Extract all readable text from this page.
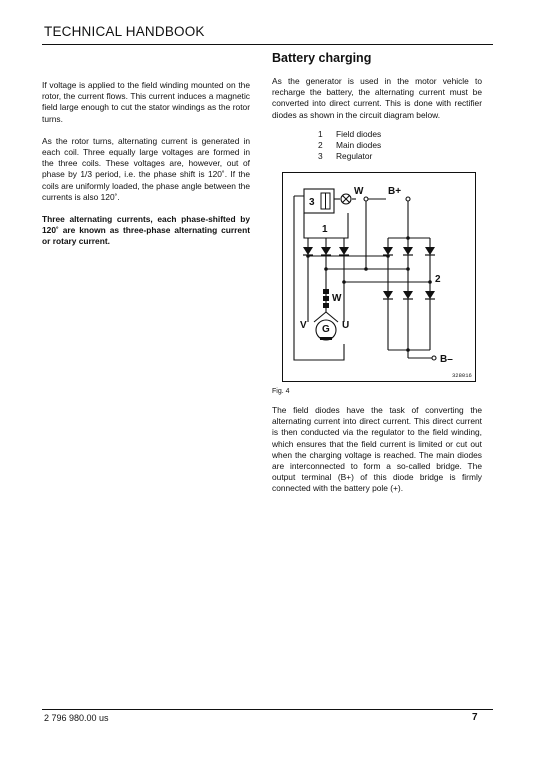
TECHNICAL HANDBOOK

If voltage is applied to the field winding mounted on the rotor, the current flows. This current induces a magnetic field large enough to cut the stator windings as the rotor turns.

As the rotor turns, alternating current is generated in each coil. Three equally large voltages are formed in the three coils. These voltages are, however, out of phase by 1/3 period, i.e. the phase shift is 120˚. If the coils are uniformly loaded, the phase angle between the currents is also 120˚.

Three alternating currents, each phase-shifted by 120˚ are known as three-phase alternating current or rotary current.

Battery charging

As the generator is used in the motor vehicle to recharge the battery, the alternating current must be converted into direct current. This is done with rectifier diodes as shown in the circuit diagram below.

1	Field diodes
2	Main diodes
3	Regulator
3
W B+
1
2
W
V G U
B–
328016
Fig. 4

The field diodes have the task of converting the alternating current into direct current. This direct current is then conducted via the regulator to the field winding, which ensures that the field current is limited or cut out when the charging voltage is reached. The main diodes are interconnected to form a so-called bridge. The output terminal (B+) of this diode bridge is firmly connected with the battery pole (+).

2 796 980.00 us	7
